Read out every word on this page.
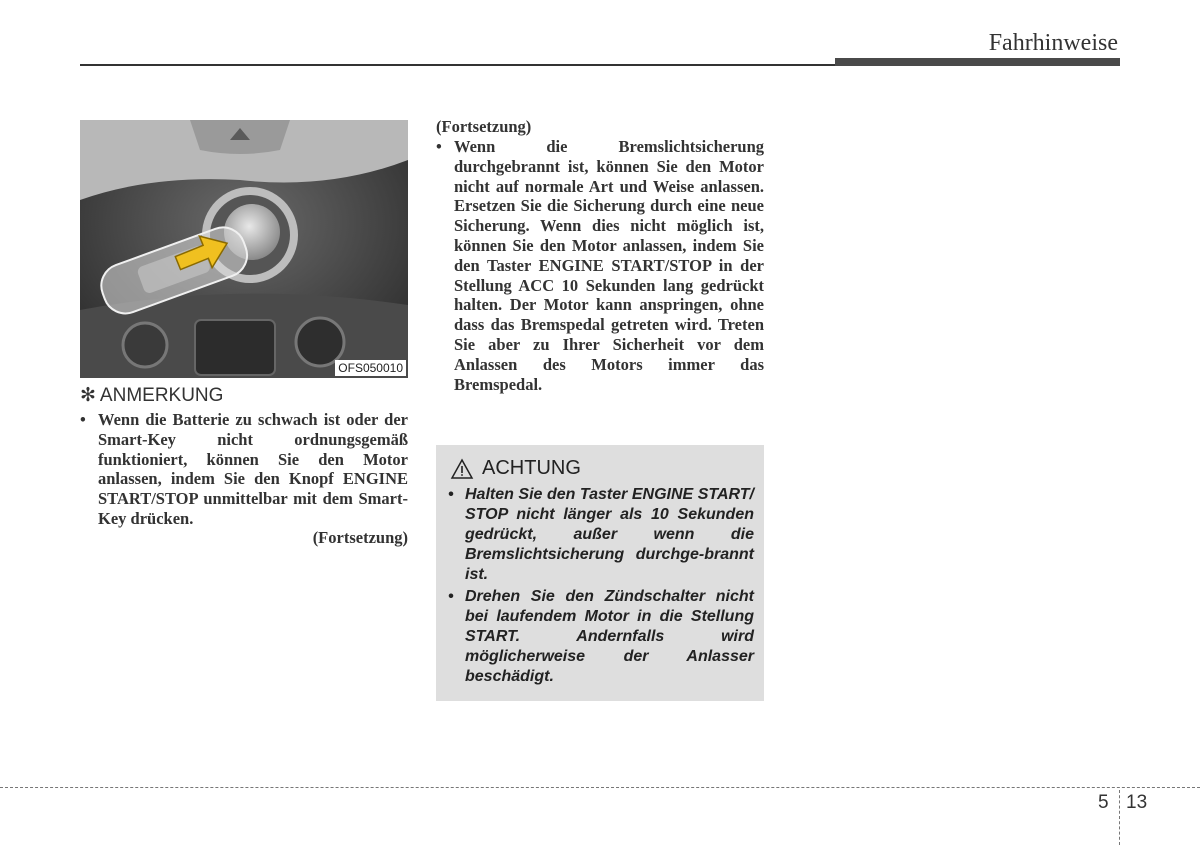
Fahrhinweise
OFS050010
✻ ANMERKUNG
• Wenn die Batterie zu schwach ist oder der Smart-Key nicht ordnungsgemäß funktioniert, können Sie den Motor anlassen, indem Sie den Knopf ENGINE START/STOP unmittelbar mit dem Smart-Key drücken.
(Fortsetzung)
(Fortsetzung)
• Wenn die Bremslichtsicherung durchgebrannt ist, können Sie den Motor nicht auf normale Art und Weise anlassen. Ersetzen Sie die Sicherung durch eine neue Sicherung. Wenn dies nicht möglich ist, können Sie den Motor anlassen, indem Sie den Taster ENGINE START/STOP in der Stellung ACC 10 Sekunden lang gedrückt halten. Der Motor kann anspringen, ohne dass das Bremspedal getreten wird. Treten Sie aber zu Ihrer Sicherheit vor dem Anlassen des Motors immer das Bremspedal.
ACHTUNG
• Halten Sie den Taster ENGINE START/ STOP nicht länger als 10 Sekunden gedrückt, außer wenn die Bremslichtsicherung durchge-brannt ist.
• Drehen Sie den Zündschalter nicht bei laufendem Motor in die Stellung START. Andernfalls wird möglicherweise der Anlasser beschädigt.
5 13
